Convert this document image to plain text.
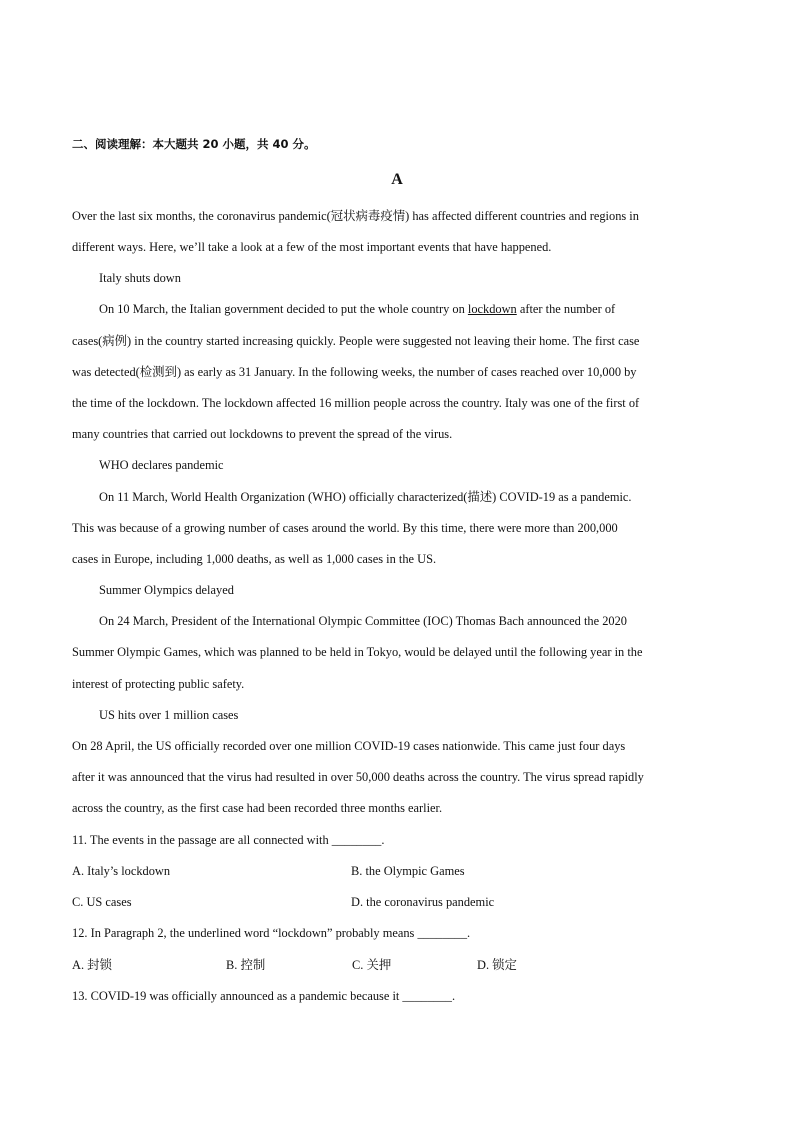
二、阅读理解：本大题共 20 小题，共 40 分。
A
Over the last six months, the coronavirus pandemic(冠状病毒疫情) has affected different countries and regions in
different ways. Here, we’ll take a look at a few of the most important events that have happened.
Italy shuts down
On 10 March, the Italian government decided to put the whole country on lockdown after the number of
cases(病例) in the country started increasing quickly. People were suggested not leaving their home. The first case
was detected(检测到) as early as 31 January. In the following weeks, the number of cases reached over 10,000 by
the time of the lockdown. The lockdown affected 16 million people across the country. Italy was one of the first of
many countries that carried out lockdowns to prevent the spread of the virus.
WHO declares pandemic
On 11 March, World Health Organization (WHO) officially characterized(描述) COVID-19 as a pandemic.
This was because of a growing number of cases around the world. By this time, there were more than 200,000
cases in Europe, including 1,000 deaths, as well as 1,000 cases in the US.
Summer Olympics delayed
On 24 March, President of the International Olympic Committee (IOC) Thomas Bach announced the 2020
Summer Olympic Games, which was planned to be held in Tokyo, would be delayed until the following year in the
interest of protecting public safety.
US hits over 1 million cases
On 28 April, the US officially recorded over one million COVID-19 cases nationwide. This came just four days
after it was announced that the virus had resulted in over 50,000 deaths across the country. The virus spread rapidly
across the country, as the first case had been recorded three months earlier.
11. The events in the passage are all connected with ________.
A. Italy’s lockdown	B. the Olympic Games
C. US cases	D. the coronavirus pandemic
12. In Paragraph 2, the underlined word “lockdown” probably means ________.
A. 封锁	B. 控制	C. 关押	D. 锁定
13. COVID-19 was officially announced as a pandemic because it ________.
